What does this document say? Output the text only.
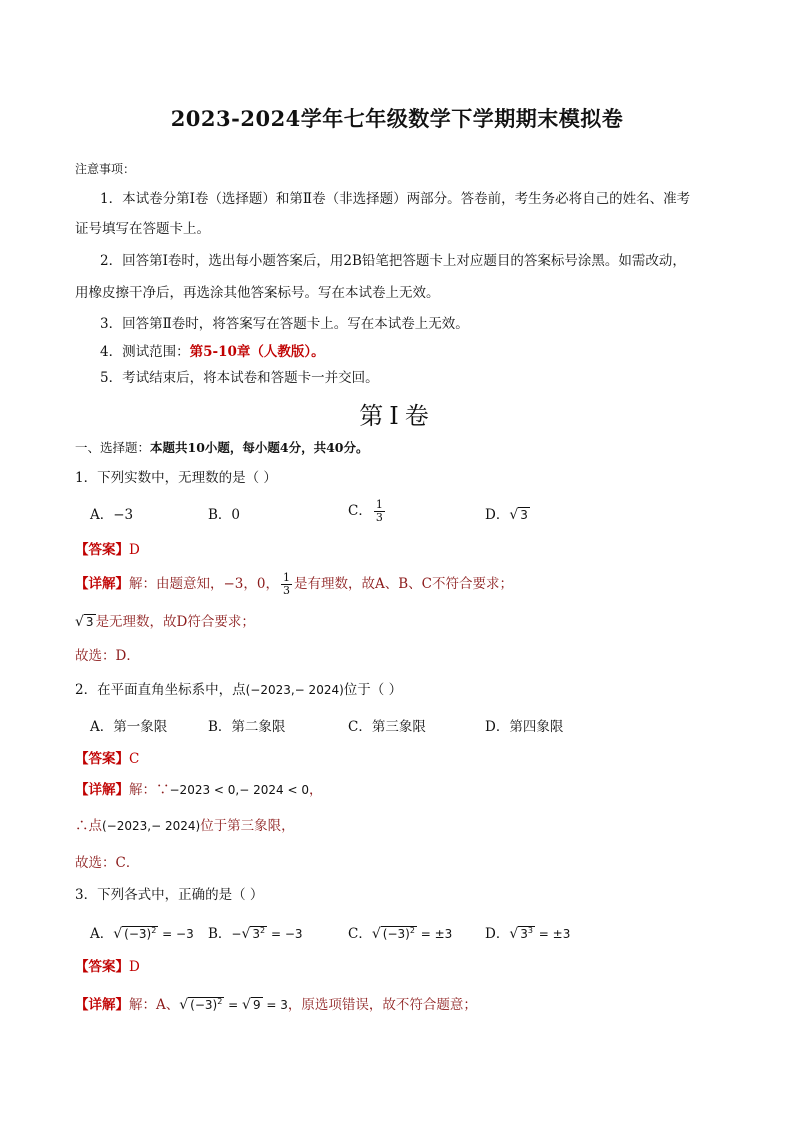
2023-2024学年七年级数学下学期期末模拟卷
注意事项：
1．本试卷分第Ⅰ卷（选择题）和第Ⅱ卷（非选择题）两部分。答卷前，考生务必将自己的姓名、准考
证号填写在答题卡上。
2．回答第Ⅰ卷时，选出每小题答案后，用2B铅笔把答题卡上对应题目的答案标号涂黑。如需改动，
用橡皮擦干净后，再选涂其他答案标号。写在本试卷上无效。
3．回答第Ⅱ卷时，将答案写在答题卡上。写在本试卷上无效。
4．测试范围：第5-10章（人教版）。
5．考试结束后，将本试卷和答题卡一并交回。
第Ⅰ卷
一、选择题：本题共10小题，每小题4分，共40分。
1．下列实数中，无理数的是（ ）
A．−3	B．0	C． $\frac{1}{3}$	D．√ 3
【答案】D
【详解】解：由题意知，−3，0， $\frac{1}{3}$ 是有理数，故A、B、C不符合要求；
√ 3 是无理数，故D符合要求；
故选：D．
2．在平面直角坐标系中，点(−2023,− 2024)位于（ ）
A．第一象限	B．第二象限	C．第三象限	D．第四象限
【答案】C
【详解】解：∵−2023 < 0,− 2024 < 0，
∴点(−2023,− 2024)位于第三象限，
故选：C．
3．下列各式中，正确的是（ ）
A．√ $(-3)^2 = -3$ B．−√ $3^2 = -3$	C．√ $(-3)^2 = \pm 3$ D．√ $3^3 = \pm 3$
【答案】D
【详解】解：A、√ $(-3)^2$ = √ 9 = 3，原选项错误，故不符合题意；
